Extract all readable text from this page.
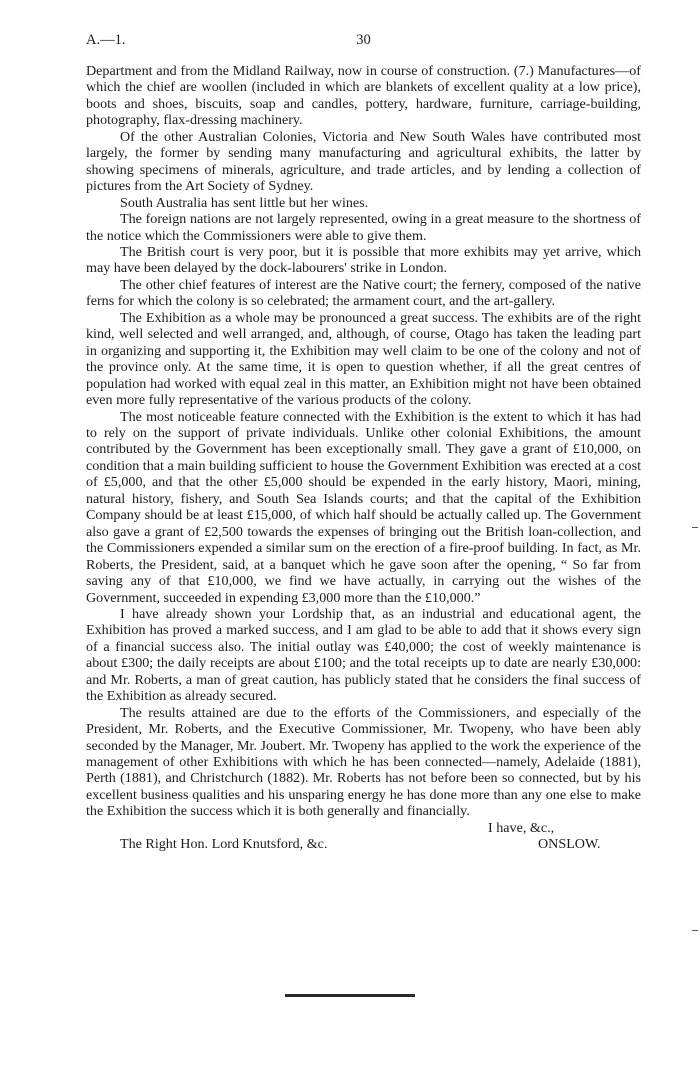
A.—1.	30

Department and from the Midland Railway, now in course of construction. (7.) Manufactures—of which the chief are woollen (included in which are blankets of excellent quality at a low price), boots and shoes, biscuits, soap and candles, pottery, hardware, furniture, carriage-building, photography, flax-dressing machinery.

Of the other Australian Colonies, Victoria and New South Wales have contributed most largely, the former by sending many manufacturing and agricultural exhibits, the latter by showing specimens of minerals, agriculture, and trade articles, and by lending a collection of pictures from the Art Society of Sydney.

South Australia has sent little but her wines.

The foreign nations are not largely represented, owing in a great measure to the shortness of the notice which the Commissioners were able to give them.

The British court is very poor, but it is possible that more exhibits may yet arrive, which may have been delayed by the dock-labourers' strike in London.

The other chief features of interest are the Native court; the fernery, composed of the native ferns for which the colony is so celebrated; the armament court, and the art-gallery.

The Exhibition as a whole may be pronounced a great success. The exhibits are of the right kind, well selected and well arranged, and, although, of course, Otago has taken the leading part in organizing and supporting it, the Exhibition may well claim to be one of the colony and not of the province only. At the same time, it is open to question whether, if all the great centres of population had worked with equal zeal in this matter, an Exhibition might not have been obtained even more fully representative of the various products of the colony.

The most noticeable feature connected with the Exhibition is the extent to which it has had to rely on the support of private individuals. Unlike other colonial Exhibitions, the amount contributed by the Government has been exceptionally small. They gave a grant of £10,000, on condition that a main building sufficient to house the Government Exhibition was erected at a cost of £5,000, and that the other £5,000 should be expended in the early history, Maori, mining, natural history, fishery, and South Sea Islands courts; and that the capital of the Exhibition Company should be at least £15,000, of which half should be actually called up. The Government also gave a grant of £2,500 towards the expenses of bringing out the British loan-collection, and the Commissioners expended a similar sum on the erection of a fire-proof building. In fact, as Mr. Roberts, the President, said, at a banquet which he gave soon after the opening, “ So far from saving any of that £10,000, we find we have actually, in carrying out the wishes of the Government, succeeded in expending £3,000 more than the £10,000.”

I have already shown your Lordship that, as an industrial and educational agent, the Exhibition has proved a marked success, and I am glad to be able to add that it shows every sign of a financial success also. The initial outlay was £40,000; the cost of weekly maintenance is about £300; the daily receipts are about £100; and the total receipts up to date are nearly £30,000: and Mr. Roberts, a man of great caution, has publicly stated that he considers the final success of the Exhibition as already secured.

The results attained are due to the efforts of the Commissioners, and especially of the President, Mr. Roberts, and the Executive Commissioner, Mr. Twopeny, who have been ably seconded by the Manager, Mr. Joubert. Mr. Twopeny has applied to the work the experience of the management of other Exhibitions with which he has been connected—namely, Adelaide (1881), Perth (1881), and Christchurch (1882). Mr. Roberts has not before been so connected, but by his excellent business qualities and his unsparing energy he has done more than any one else to make the Exhibition the success which it is both generally and financially.

I have, &c.,
The Right Hon. Lord Knutsford, &c.	ONSLOW.
